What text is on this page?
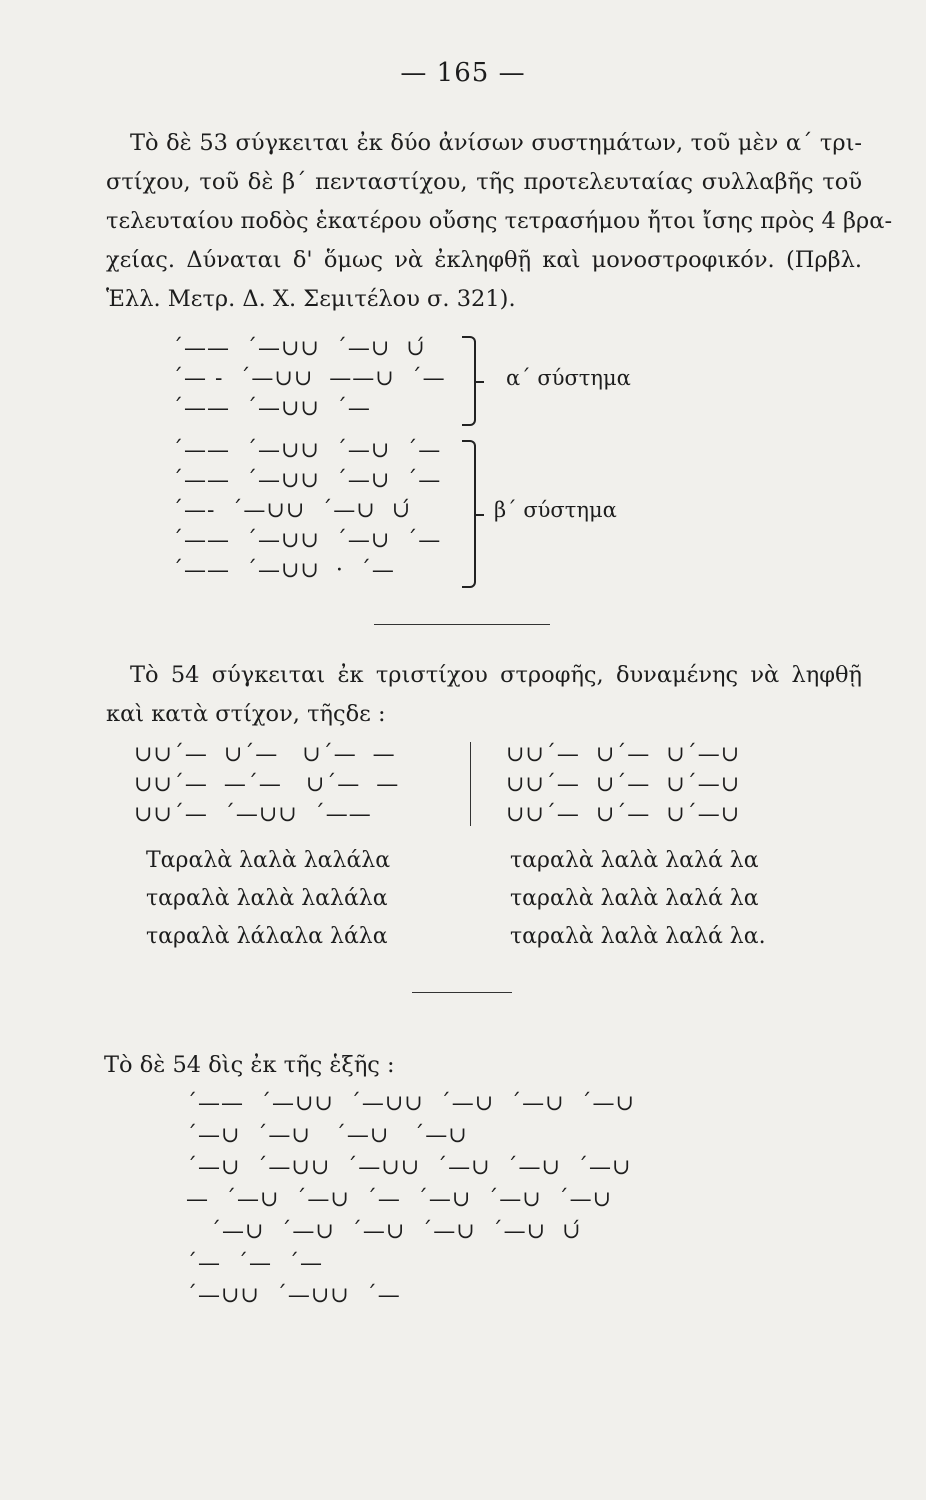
— 165 —
Τὸ δὲ 53 σύγκειται ἐκ δύο ἀνίσων συστημάτων, τοῦ μὲν α΄ τρι-
στίχου, τοῦ δὲ β΄ πενταστίχου, τῆς προτελευταίας συλλαβῆς τοῦ
τελευταίου ποδὸς ἑκατέρου οὔσης τετρασήμου ἤτοι ἴσης πρὸς 4 βρα-
χείας. Δύναται δ' ὅμως νὰ ἐκληφθῇ καὶ μονοστροφικόν. (Πρβλ.
Ἑλλ. Μετρ. Δ. Χ. Σεμιτέλου σ. 321).
´——  ´—∪∪  ´—∪  ∪́
´— -  ´—∪∪  ——∪  ´—
´——  ´—∪∪  ´—
α΄ σύστημα
´——  ´—∪∪  ´—∪  ´—
´——  ´—∪∪  ´—∪  ´—
´—‐  ´—∪∪  ´—∪  ∪́
´——  ´—∪∪  ´—∪  ´—
´——  ´—∪∪  ·  ´—
β΄ σύστημα
Τὸ 54 σύγκειται ἐκ τριστίχου στροφῆς, δυναμένης νὰ ληφθῇ
καὶ κατὰ στίχον, τῆςδε :
∪∪´—  ∪´—   ∪´—  —
∪∪´—  —´—   ∪´—  —
∪∪´—  ´—∪∪  ´——
∪∪´—  ∪´—  ∪´—∪
∪∪´—  ∪´—  ∪´—∪
∪∪´—  ∪´—  ∪´—∪
Ταραλὰ λαλὰ λαλάλα
ταραλὰ λαλὰ λαλάλα
ταραλὰ λάλαλα λάλα
ταραλὰ λαλὰ λαλά λα
ταραλὰ λαλὰ λαλά λα
ταραλὰ λαλὰ λαλά λα.
Τὸ δὲ 54 δὶς ἐκ τῆς ἑξῆς :
´——  ´—∪∪  ´—∪∪  ´—∪  ´—∪  ´—∪
´—∪  ´—∪   ´—∪   ´—∪
´—∪  ´—∪∪  ´—∪∪  ´—∪  ´—∪  ´—∪
—  ´—∪  ´—∪  ´—  ´—∪  ´—∪  ´—∪
´—∪  ´—∪  ´—∪  ´—∪  ´—∪  ∪́
´—  ´—  ´—
´—∪∪  ´—∪∪  ´—
